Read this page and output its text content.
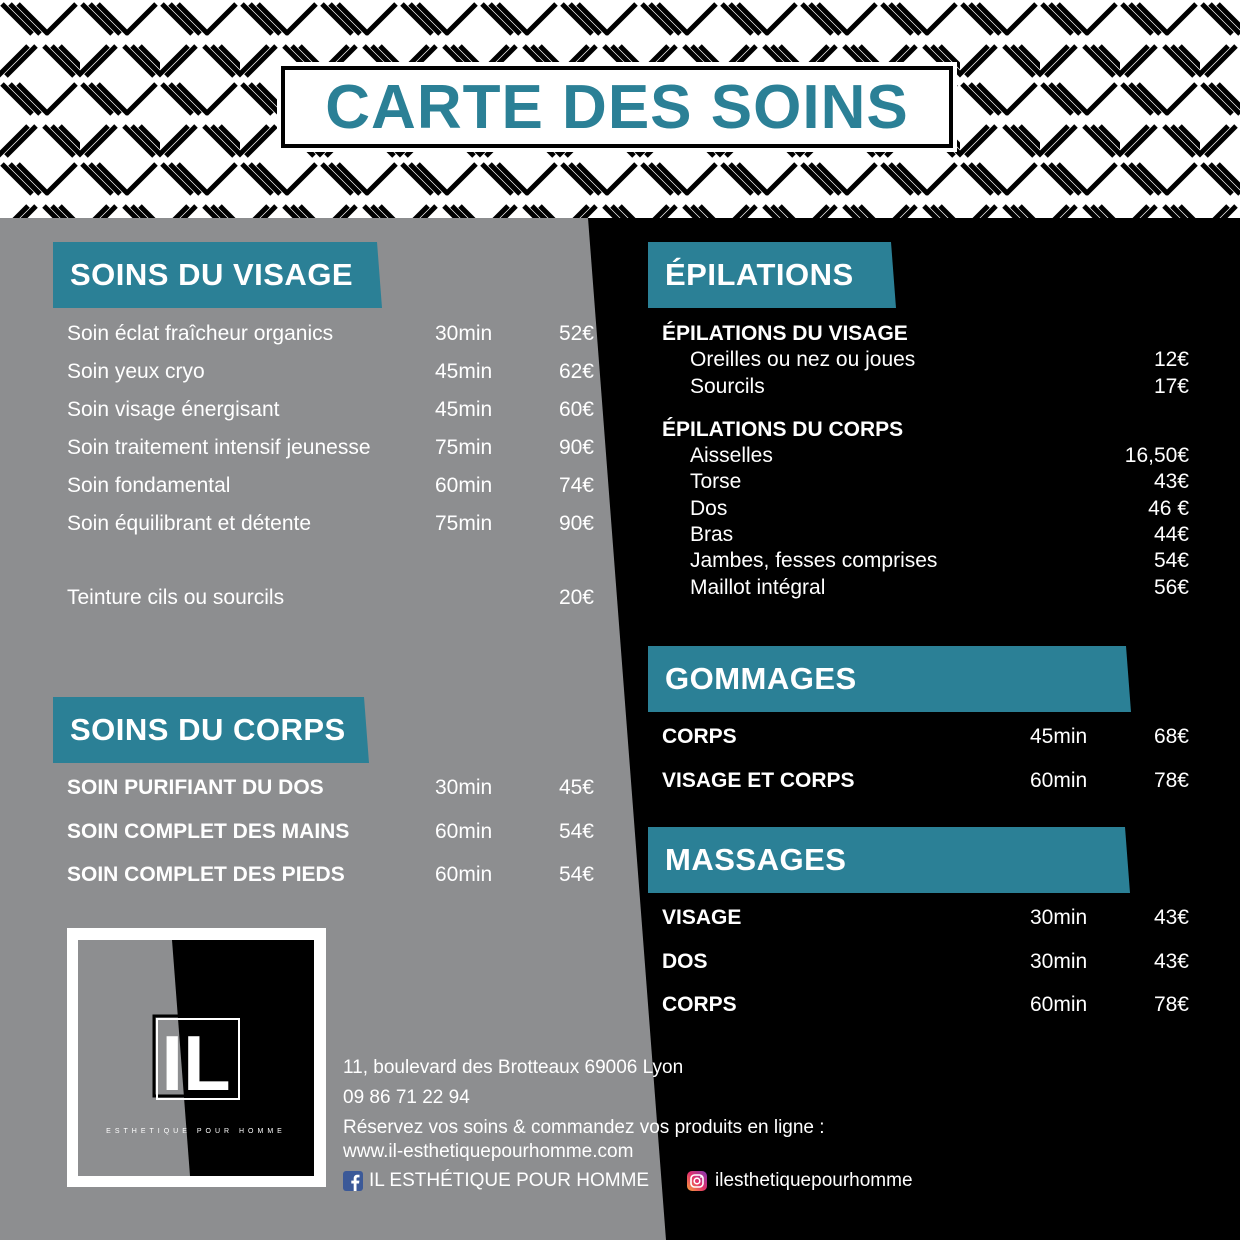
CARTE DES SOINS
SOINS DU VISAGE
Soin éclat fraîcheur organics	30min	52€
Soin yeux cryo	45min	62€
Soin visage énergisant	45min	60€
Soin traitement intensif jeunesse	75min	90€
Soin fondamental	60min	74€
Soin équilibrant et détente	75min	90€
Teinture cils ou sourcils	20€
SOINS DU CORPS
SOIN PURIFIANT DU DOS	30min	45€
SOIN COMPLET DES MAINS	60min	54€
SOIN COMPLET DES PIEDS	60min	54€
ÉPILATIONS
ÉPILATIONS DU VISAGE
Oreilles ou nez ou joues	12€
Sourcils	17€
ÉPILATIONS DU CORPS
Aisselles	16,50€
Torse	43€
Dos	46 €
Bras	44€
Jambes, fesses comprises	54€
Maillot intégral	56€
GOMMAGES
CORPS	45min	68€
VISAGE ET CORPS	60min	78€
MASSAGES
VISAGE	30min	43€
DOS	30min	43€
CORPS	60min	78€
IL
ESTHETIQUE POUR HOMME
11, boulevard des Brotteaux 69006 Lyon
09 86 71 22 94
Réservez vos soins & commandez vos produits en ligne :
www.il-esthetiquepourhomme.com
IL ESTHÉTIQUE POUR HOMME	ilesthetiquepourhomme
